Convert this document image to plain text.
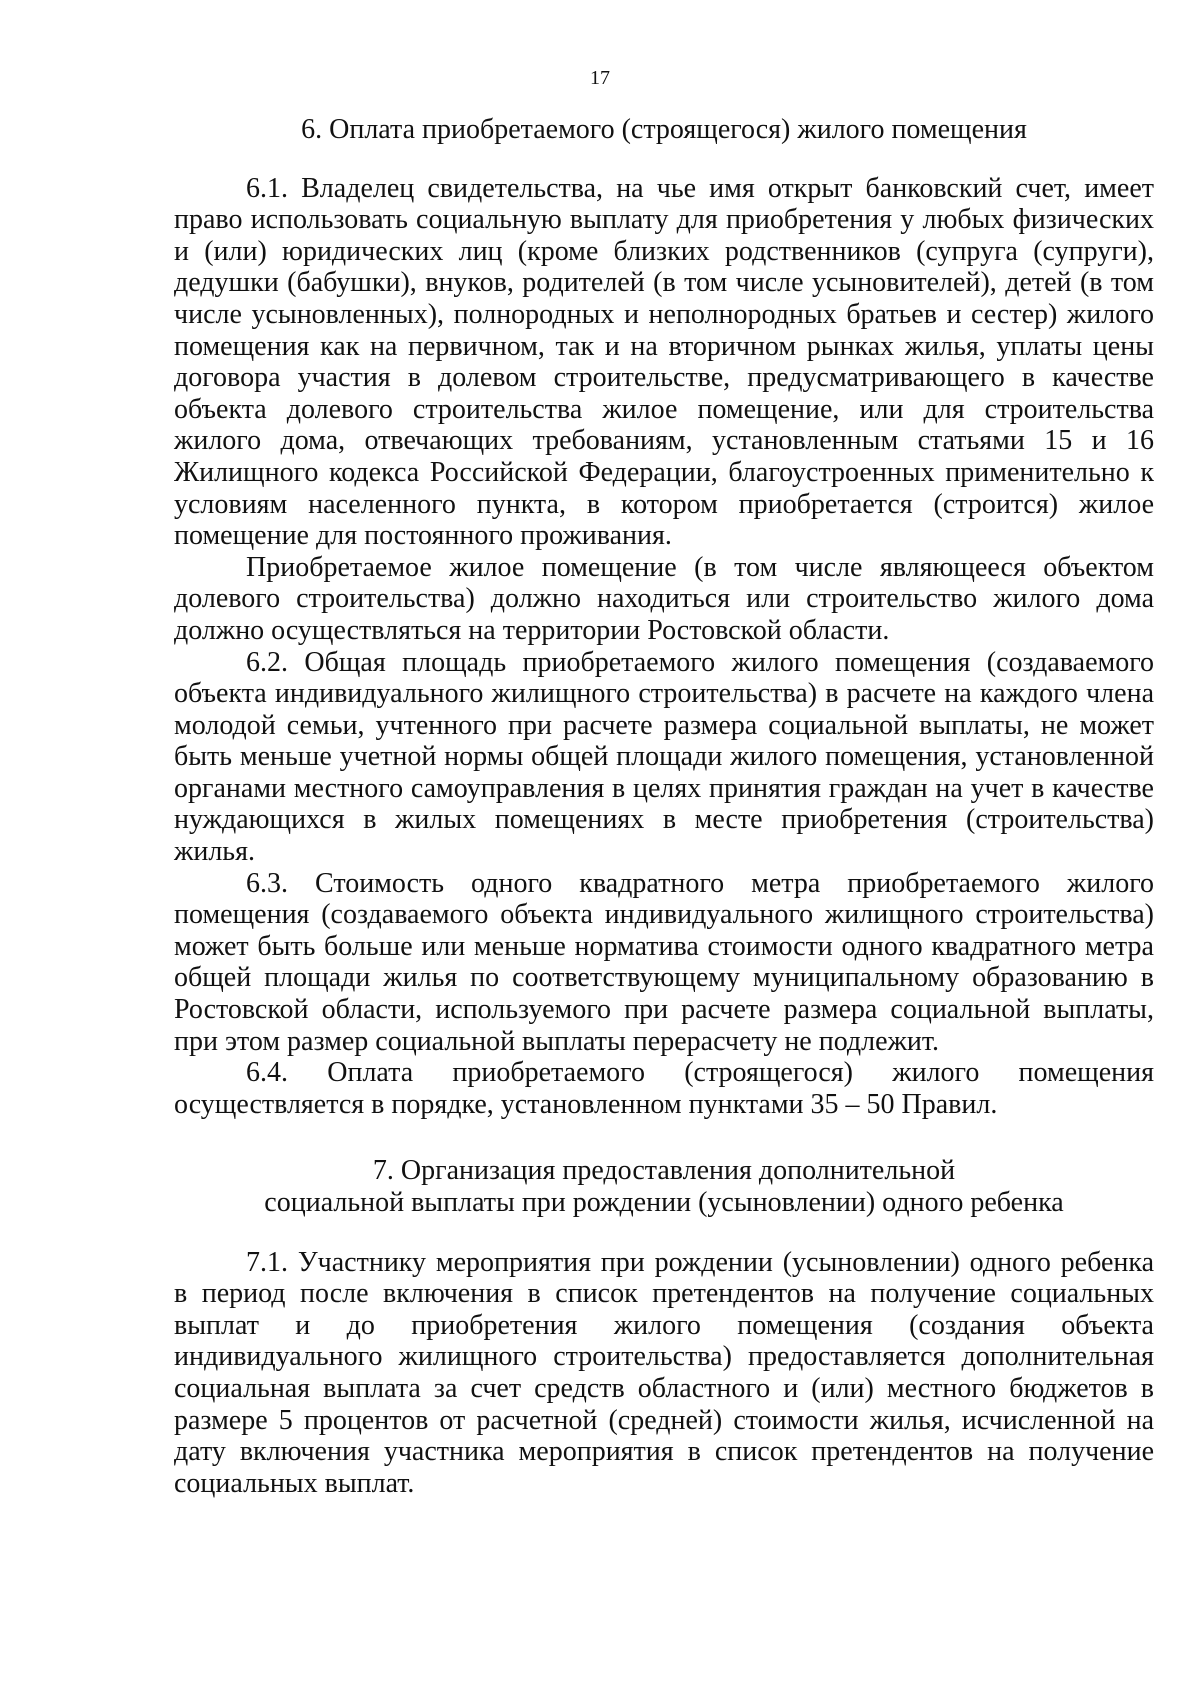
17
6. Оплата приобретаемого (строящегося) жилого помещения

6.1. Владелец свидетельства, на чье имя открыт банковский счет, имеет право использовать социальную выплату для приобретения у любых физических и (или) юридических лиц (кроме близких родственников (супруга (супруги), дедушки (бабушки), внуков, родителей (в том числе усыновителей), детей (в том числе усыновленных), полнородных и неполнородных братьев и сестер) жилого помещения как на первичном, так и на вторичном рынках жилья, уплаты цены договора участия в долевом строительстве, предусматривающего в качестве объекта долевого строительства жилое помещение, или для строительства жилого дома, отвечающих требованиям, установленным статьями 15 и 16 Жилищного кодекса Российской Федерации, благоустроенных применительно к условиям населенного пункта, в котором приобретается (строится) жилое помещение для постоянного проживания.

Приобретаемое жилое помещение (в том числе являющееся объектом долевого строительства) должно находиться или строительство жилого дома должно осуществляться на территории Ростовской области.

6.2. Общая площадь приобретаемого жилого помещения (создаваемого объекта индивидуального жилищного строительства) в расчете на каждого члена молодой семьи, учтенного при расчете размера социальной выплаты, не может быть меньше учетной нормы общей площади жилого помещения, установленной органами местного самоуправления в целях принятия граждан на учет в качестве нуждающихся в жилых помещениях в месте приобретения (строительства) жилья.

6.3. Стоимость одного квадратного метра приобретаемого жилого помещения (создаваемого объекта индивидуального жилищного строительства) может быть больше или меньше норматива стоимости одного квадратного метра общей площади жилья по соответствующему муниципальному образованию в Ростовской области, используемого при расчете размера социальной выплаты, при этом размер социальной выплаты перерасчету не подлежит.

6.4. Оплата приобретаемого (строящегося) жилого помещения осуществляется в порядке, установленном пунктами 35 – 50 Правил.

7. Организация предоставления дополнительной
социальной выплаты при рождении (усыновлении) одного ребенка

7.1. Участнику мероприятия при рождении (усыновлении) одного ребенка в период после включения в список претендентов на получение социальных выплат и до приобретения жилого помещения (создания объекта индивидуального жилищного строительства) предоставляется дополнительная социальная выплата за счет средств областного и (или) местного бюджетов в размере 5 процентов от расчетной (средней) стоимости жилья, исчисленной на дату включения участника мероприятия в список претендентов на получение социальных выплат.
